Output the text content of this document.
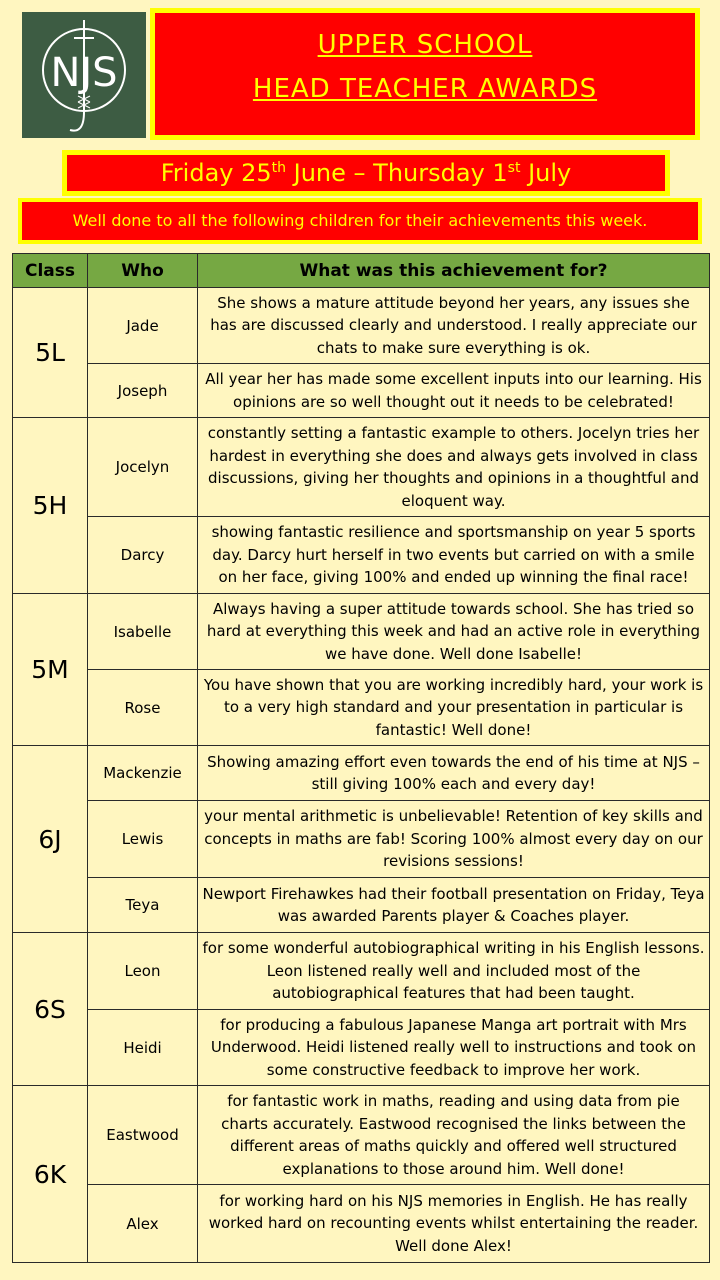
NJS
UPPER SCHOOL
HEAD TEACHER AWARDS
Friday 25th June – Thursday 1st July
Well done to all the following children for their achievements this week.
Class	Who	What was this achievement for?
5L	Jade	She shows a mature attitude beyond her years, any issues she has are discussed clearly and understood. I really appreciate our chats to make sure everything is ok.
	Joseph	All year her has made some excellent inputs into our learning. His opinions are so well thought out it needs to be celebrated!
5H	Jocelyn	constantly setting a fantastic example to others. Jocelyn tries her hardest in everything she does and always gets involved in class discussions, giving her thoughts and opinions in a thoughtful and eloquent way.
	Darcy	showing fantastic resilience and sportsmanship on year 5 sports day. Darcy hurt herself in two events but carried on with a smile on her face, giving 100% and ended up winning the final race!
5M	Isabelle	Always having a super attitude towards school. She has tried so hard at everything this week and had an active role in everything we have done. Well done Isabelle!
	Rose	You have shown that you are working incredibly hard, your work is to a very high standard and your presentation in particular is fantastic! Well done!
6J	Mackenzie	Showing amazing effort even towards the end of his time at NJS – still giving 100% each and every day!
	Lewis	your mental arithmetic is unbelievable! Retention of key skills and concepts in maths are fab! Scoring 100% almost every day on our revisions sessions!
	Teya	Newport Firehawkes had their football presentation on Friday, Teya was awarded Parents player & Coaches player.
6S	Leon	for some wonderful autobiographical writing in his English lessons. Leon listened really well and included most of the autobiographical features that had been taught.
	Heidi	for producing a fabulous Japanese Manga art portrait with Mrs Underwood. Heidi listened really well to instructions and took on some constructive feedback to improve her work.
6K	Eastwood	for fantastic work in maths, reading and using data from pie charts accurately. Eastwood recognised the links between the different areas of maths quickly and offered well structured explanations to those around him. Well done!
	Alex	for working hard on his NJS memories in English. He has really worked hard on recounting events whilst entertaining the reader. Well done Alex!
